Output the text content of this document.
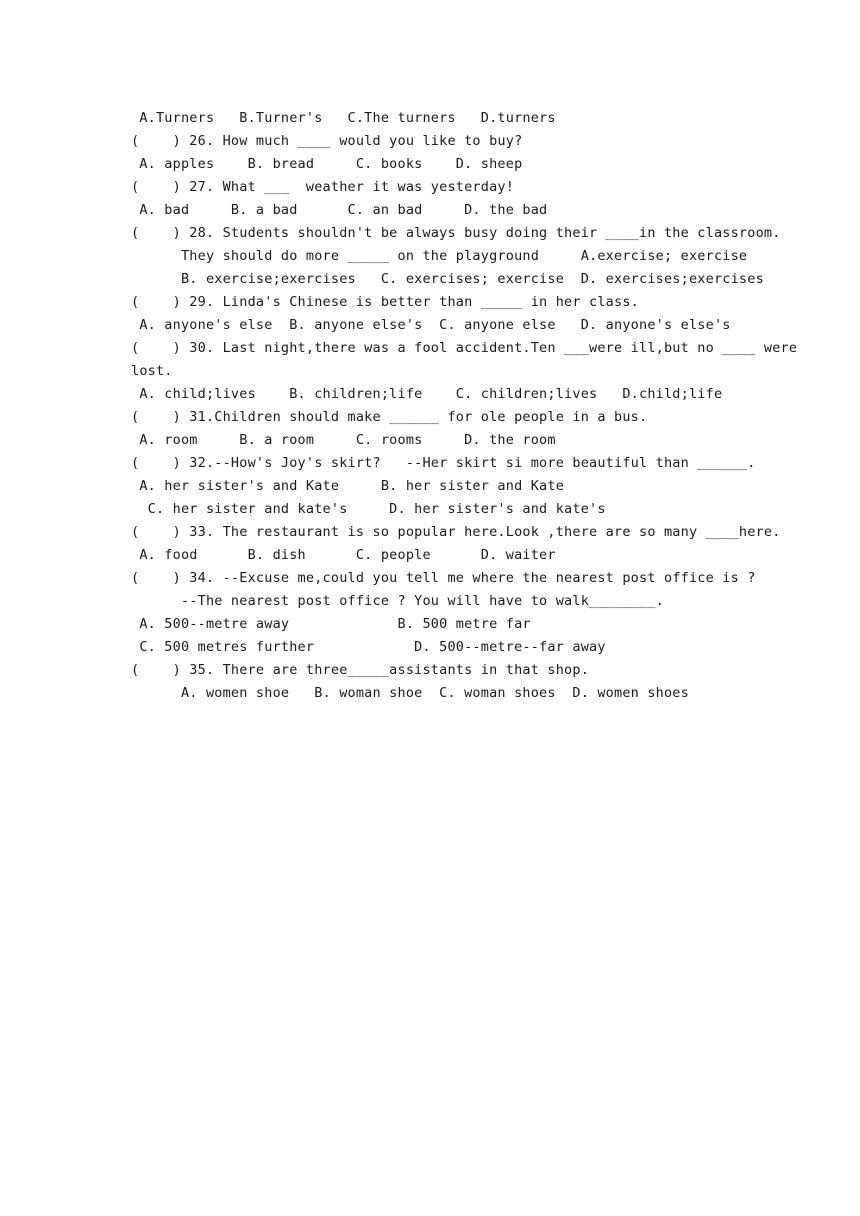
A.Turners   B.Turner's   C.The turners   D.turners
(    ) 26. How much ____ would you like to buy?
A. apples    B. bread     C. books    D. sheep
(    ) 27. What ___  weather it was yesterday!
A. bad     B. a bad      C. an bad     D. the bad
(    ) 28. Students shouldn't be always busy doing their ____in the classroom.
They should do more _____ on the playground     A.exercise; exercise
B. exercise;exercises   C. exercises; exercise  D. exercises;exercises
(    ) 29. Linda's Chinese is better than _____ in her class.
A. anyone's else  B. anyone else's  C. anyone else   D. anyone's else's
(    ) 30. Last night,there was a fool accident.Ten ___were ill,but no ____ were
lost.
A. child;lives    B. children;life    C. children;lives   D.child;life
(    ) 31.Children should make ______ for ole people in a bus.
A. room     B. a room     C. rooms     D. the room
(    ) 32.--How's Joy's skirt?   --Her skirt si more beautiful than ______.
A. her sister's and Kate     B. her sister and Kate
C. her sister and kate's     D. her sister's and kate's
(    ) 33. The restaurant is so popular here.Look ,there are so many ____here.
A. food      B. dish      C. people      D. waiter
(    ) 34. --Excuse me,could you tell me where the nearest post office is ?
--The nearest post office ? You will have to walk________.
A. 500--metre away             B. 500 metre far
C. 500 metres further            D. 500--metre--far away
(    ) 35. There are three_____assistants in that shop.
A. women shoe   B. woman shoe  C. woman shoes  D. women shoes
